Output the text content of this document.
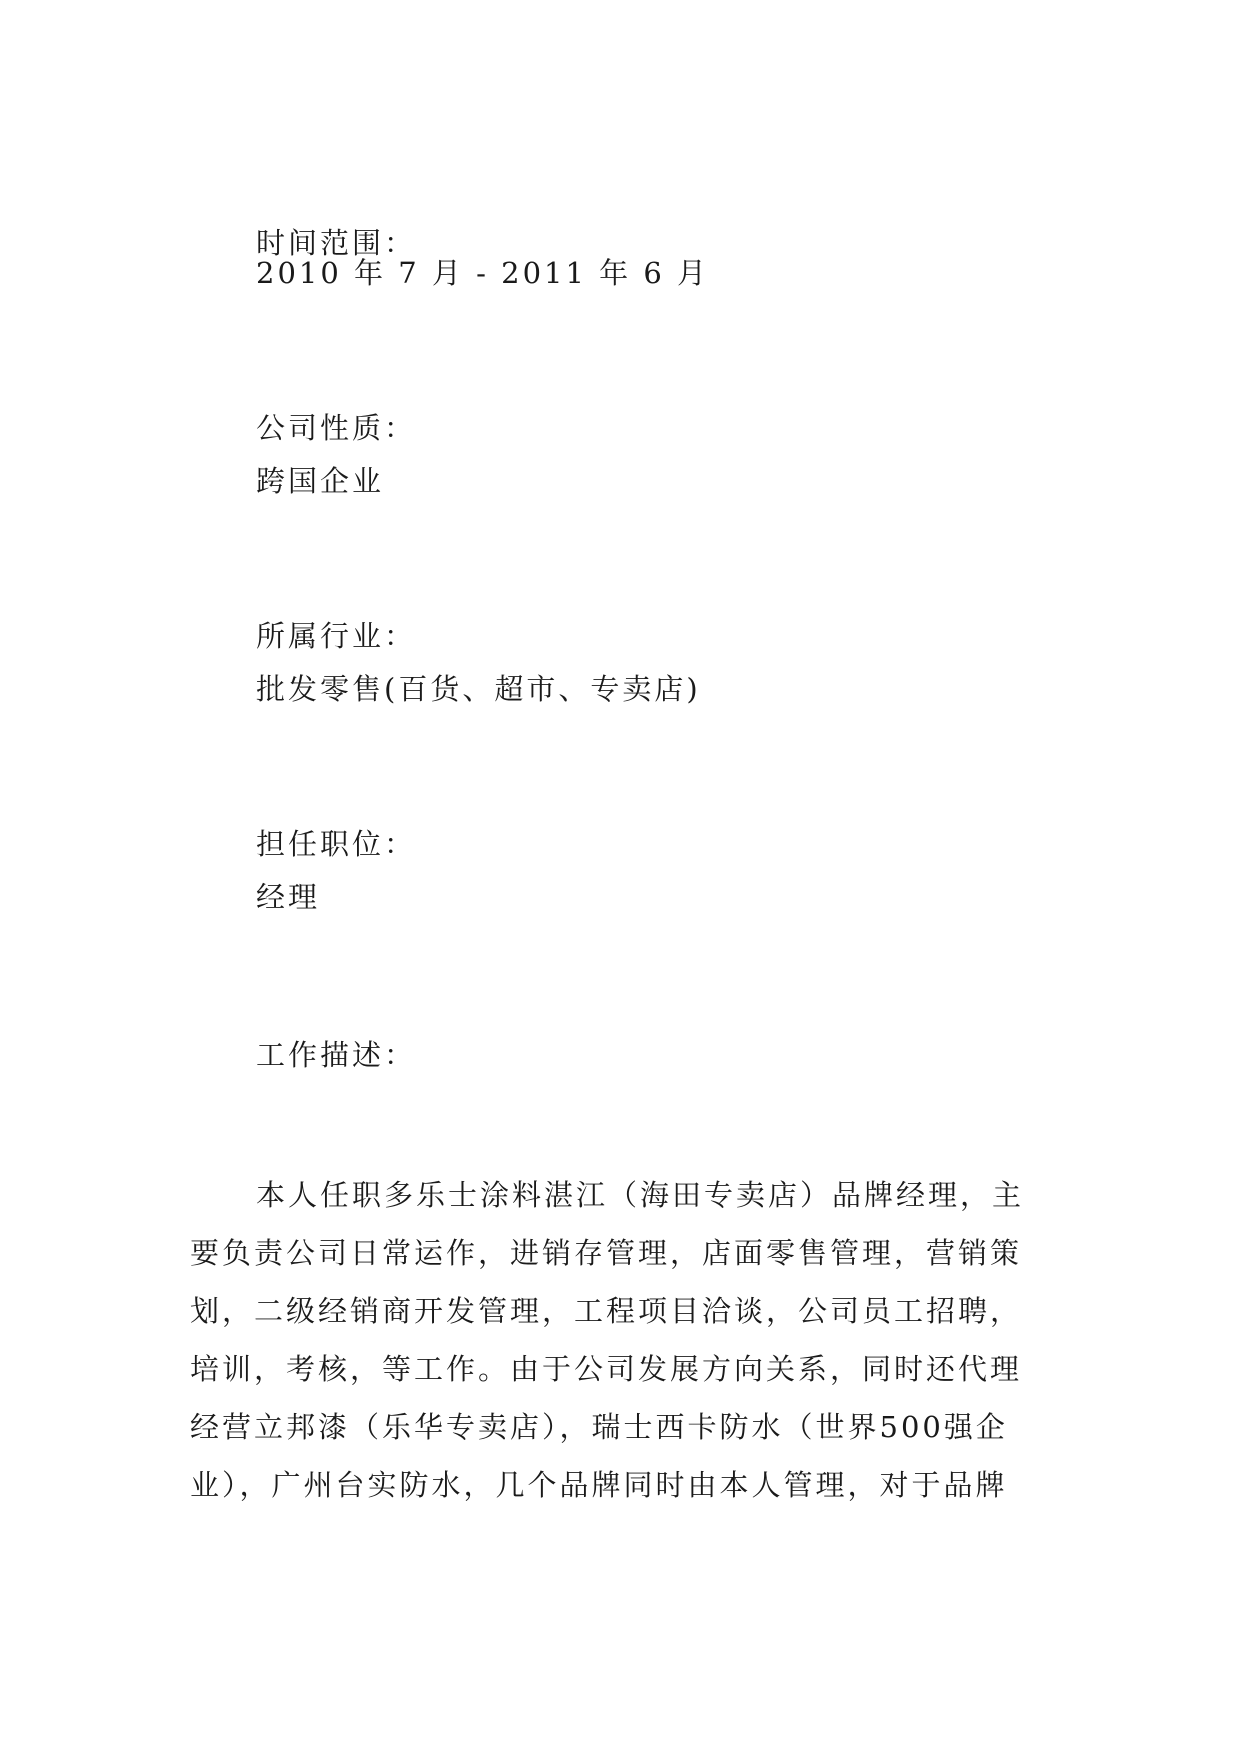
时间范围：
2010 年 7 月 - 2011 年 6 月
公司性质：
跨国企业
所属行业：
批发零售(百货、超市、专卖店)
担任职位：
经理
工作描述：
本人任职多乐士涂料湛江（海田专卖店）品牌经理，主
要负责公司日常运作，进销存管理，店面零售管理，营销策
划，二级经销商开发管理，工程项目洽谈，公司员工招聘，
培训，考核，等工作。由于公司发展方向关系，同时还代理
经营立邦漆（乐华专卖店），瑞士西卡防水（世界500强企
业），广州台实防水，几个品牌同时由本人管理，对于品牌
